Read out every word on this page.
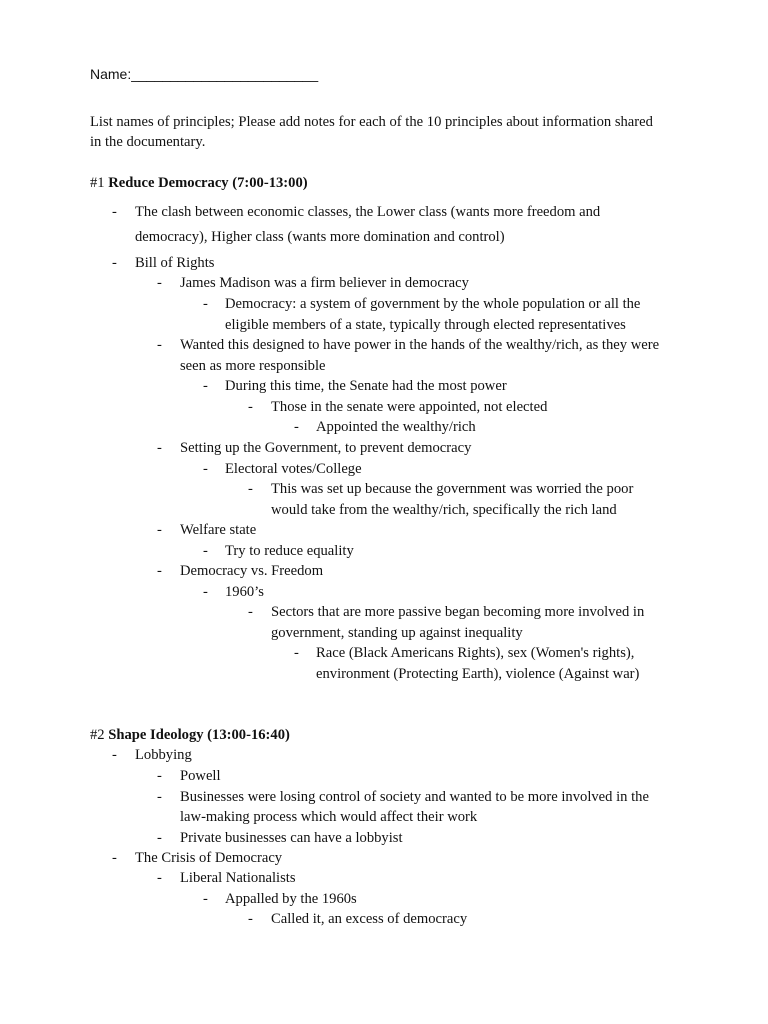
Name:________________________
List names of principles; Please add notes for each of the 10 principles about information shared
in the documentary.
#1 Reduce Democracy (7:00-13:00)
- The clash between economic classes, the Lower class (wants more freedom and
democracy), Higher class (wants more domination and control)
- Bill of Rights
- James Madison was a firm believer in democracy
- Democracy: a system of government by the whole population or all the
eligible members of a state, typically through elected representatives
- Wanted this designed to have power in the hands of the wealthy/rich, as they were
seen as more responsible
- During this time, the Senate had the most power
- Those in the senate were appointed, not elected
- Appointed the wealthy/rich
- Setting up the Government, to prevent democracy
- Electoral votes/College
- This was set up because the government was worried the poor
would take from the wealthy/rich, specifically the rich land
- Welfare state
- Try to reduce equality
- Democracy vs. Freedom
- 1960’s
- Sectors that are more passive began becoming more involved in
government, standing up against inequality
- Race (Black Americans Rights), sex (Women's rights),
environment (Protecting Earth), violence (Against war)
#2 Shape Ideology (13:00-16:40)
- Lobbying
- Powell
- Businesses were losing control of society and wanted to be more involved in the
law-making process which would affect their work
- Private businesses can have a lobbyist
- The Crisis of Democracy
- Liberal Nationalists
- Appalled by the 1960s
- Called it, an excess of democracy
